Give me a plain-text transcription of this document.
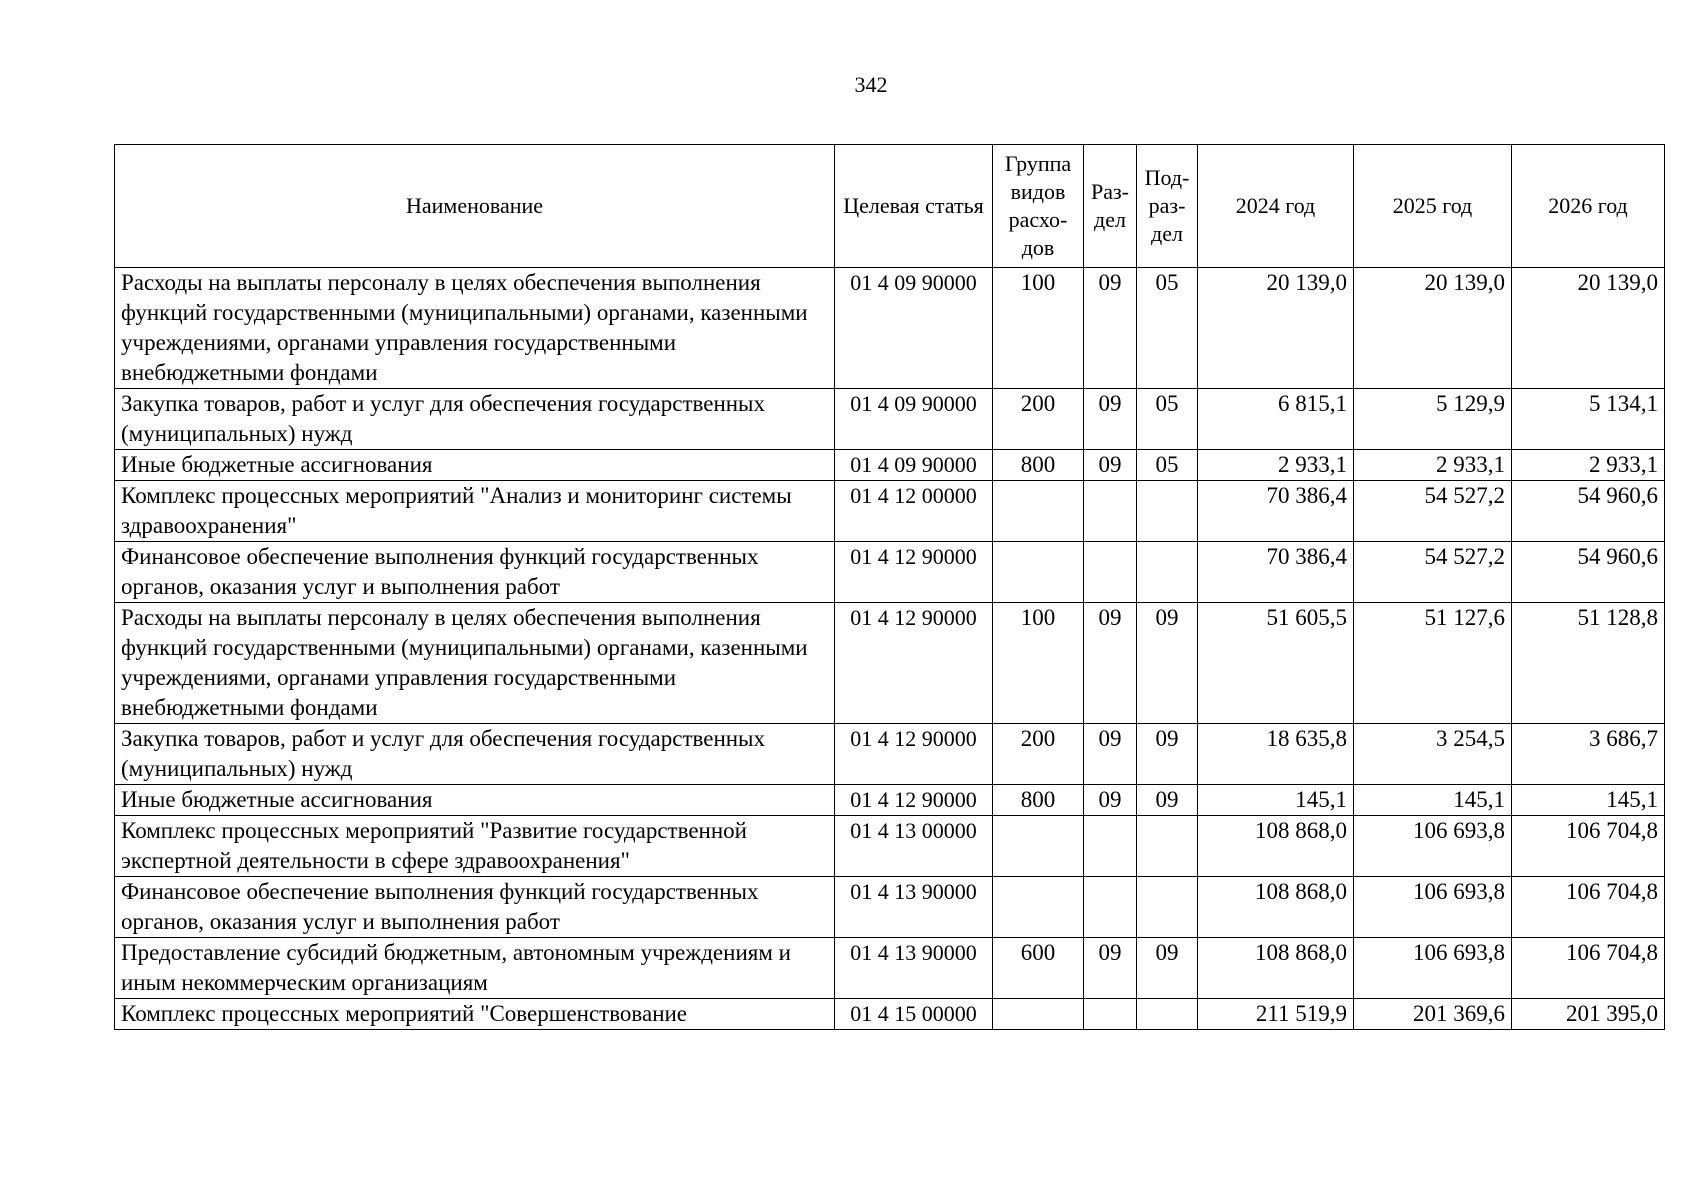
342
Наименование	Целевая статья	Группа видов расхо- дов	Раз- дел	Под- раз- дел	2024 год	2025 год	2026 год
Расходы на выплаты персоналу в целях обеспечения выполнения функций государственными (муниципальными) органами, казенными учреждениями, органами управления государственными внебюджетными фондами	01 4 09 90000	100	09	05	20 139,0	20 139,0	20 139,0
Закупка товаров, работ и услуг для обеспечения государственных (муниципальных) нужд	01 4 09 90000	200	09	05	6 815,1	5 129,9	5 134,1
Иные бюджетные ассигнования	01 4 09 90000	800	09	05	2 933,1	2 933,1	2 933,1
Комплекс процессных мероприятий "Анализ и мониторинг системы здравоохранения"	01 4 12 00000				70 386,4	54 527,2	54 960,6
Финансовое обеспечение выполнения функций государственных органов, оказания услуг и выполнения работ	01 4 12 90000				70 386,4	54 527,2	54 960,6
Расходы на выплаты персоналу в целях обеспечения выполнения функций государственными (муниципальными) органами, казенными учреждениями, органами управления государственными внебюджетными фондами	01 4 12 90000	100	09	09	51 605,5	51 127,6	51 128,8
Закупка товаров, работ и услуг для обеспечения государственных (муниципальных) нужд	01 4 12 90000	200	09	09	18 635,8	3 254,5	3 686,7
Иные бюджетные ассигнования	01 4 12 90000	800	09	09	145,1	145,1	145,1
Комплекс процессных мероприятий "Развитие государственной экспертной деятельности в сфере здравоохранения"	01 4 13 00000				108 868,0	106 693,8	106 704,8
Финансовое обеспечение выполнения функций государственных органов, оказания услуг и выполнения работ	01 4 13 90000				108 868,0	106 693,8	106 704,8
Предоставление субсидий бюджетным, автономным учреждениям и иным некоммерческим организациям	01 4 13 90000	600	09	09	108 868,0	106 693,8	106 704,8
Комплекс процессных мероприятий "Совершенствование	01 4 15 00000				211 519,9	201 369,6	201 395,0
